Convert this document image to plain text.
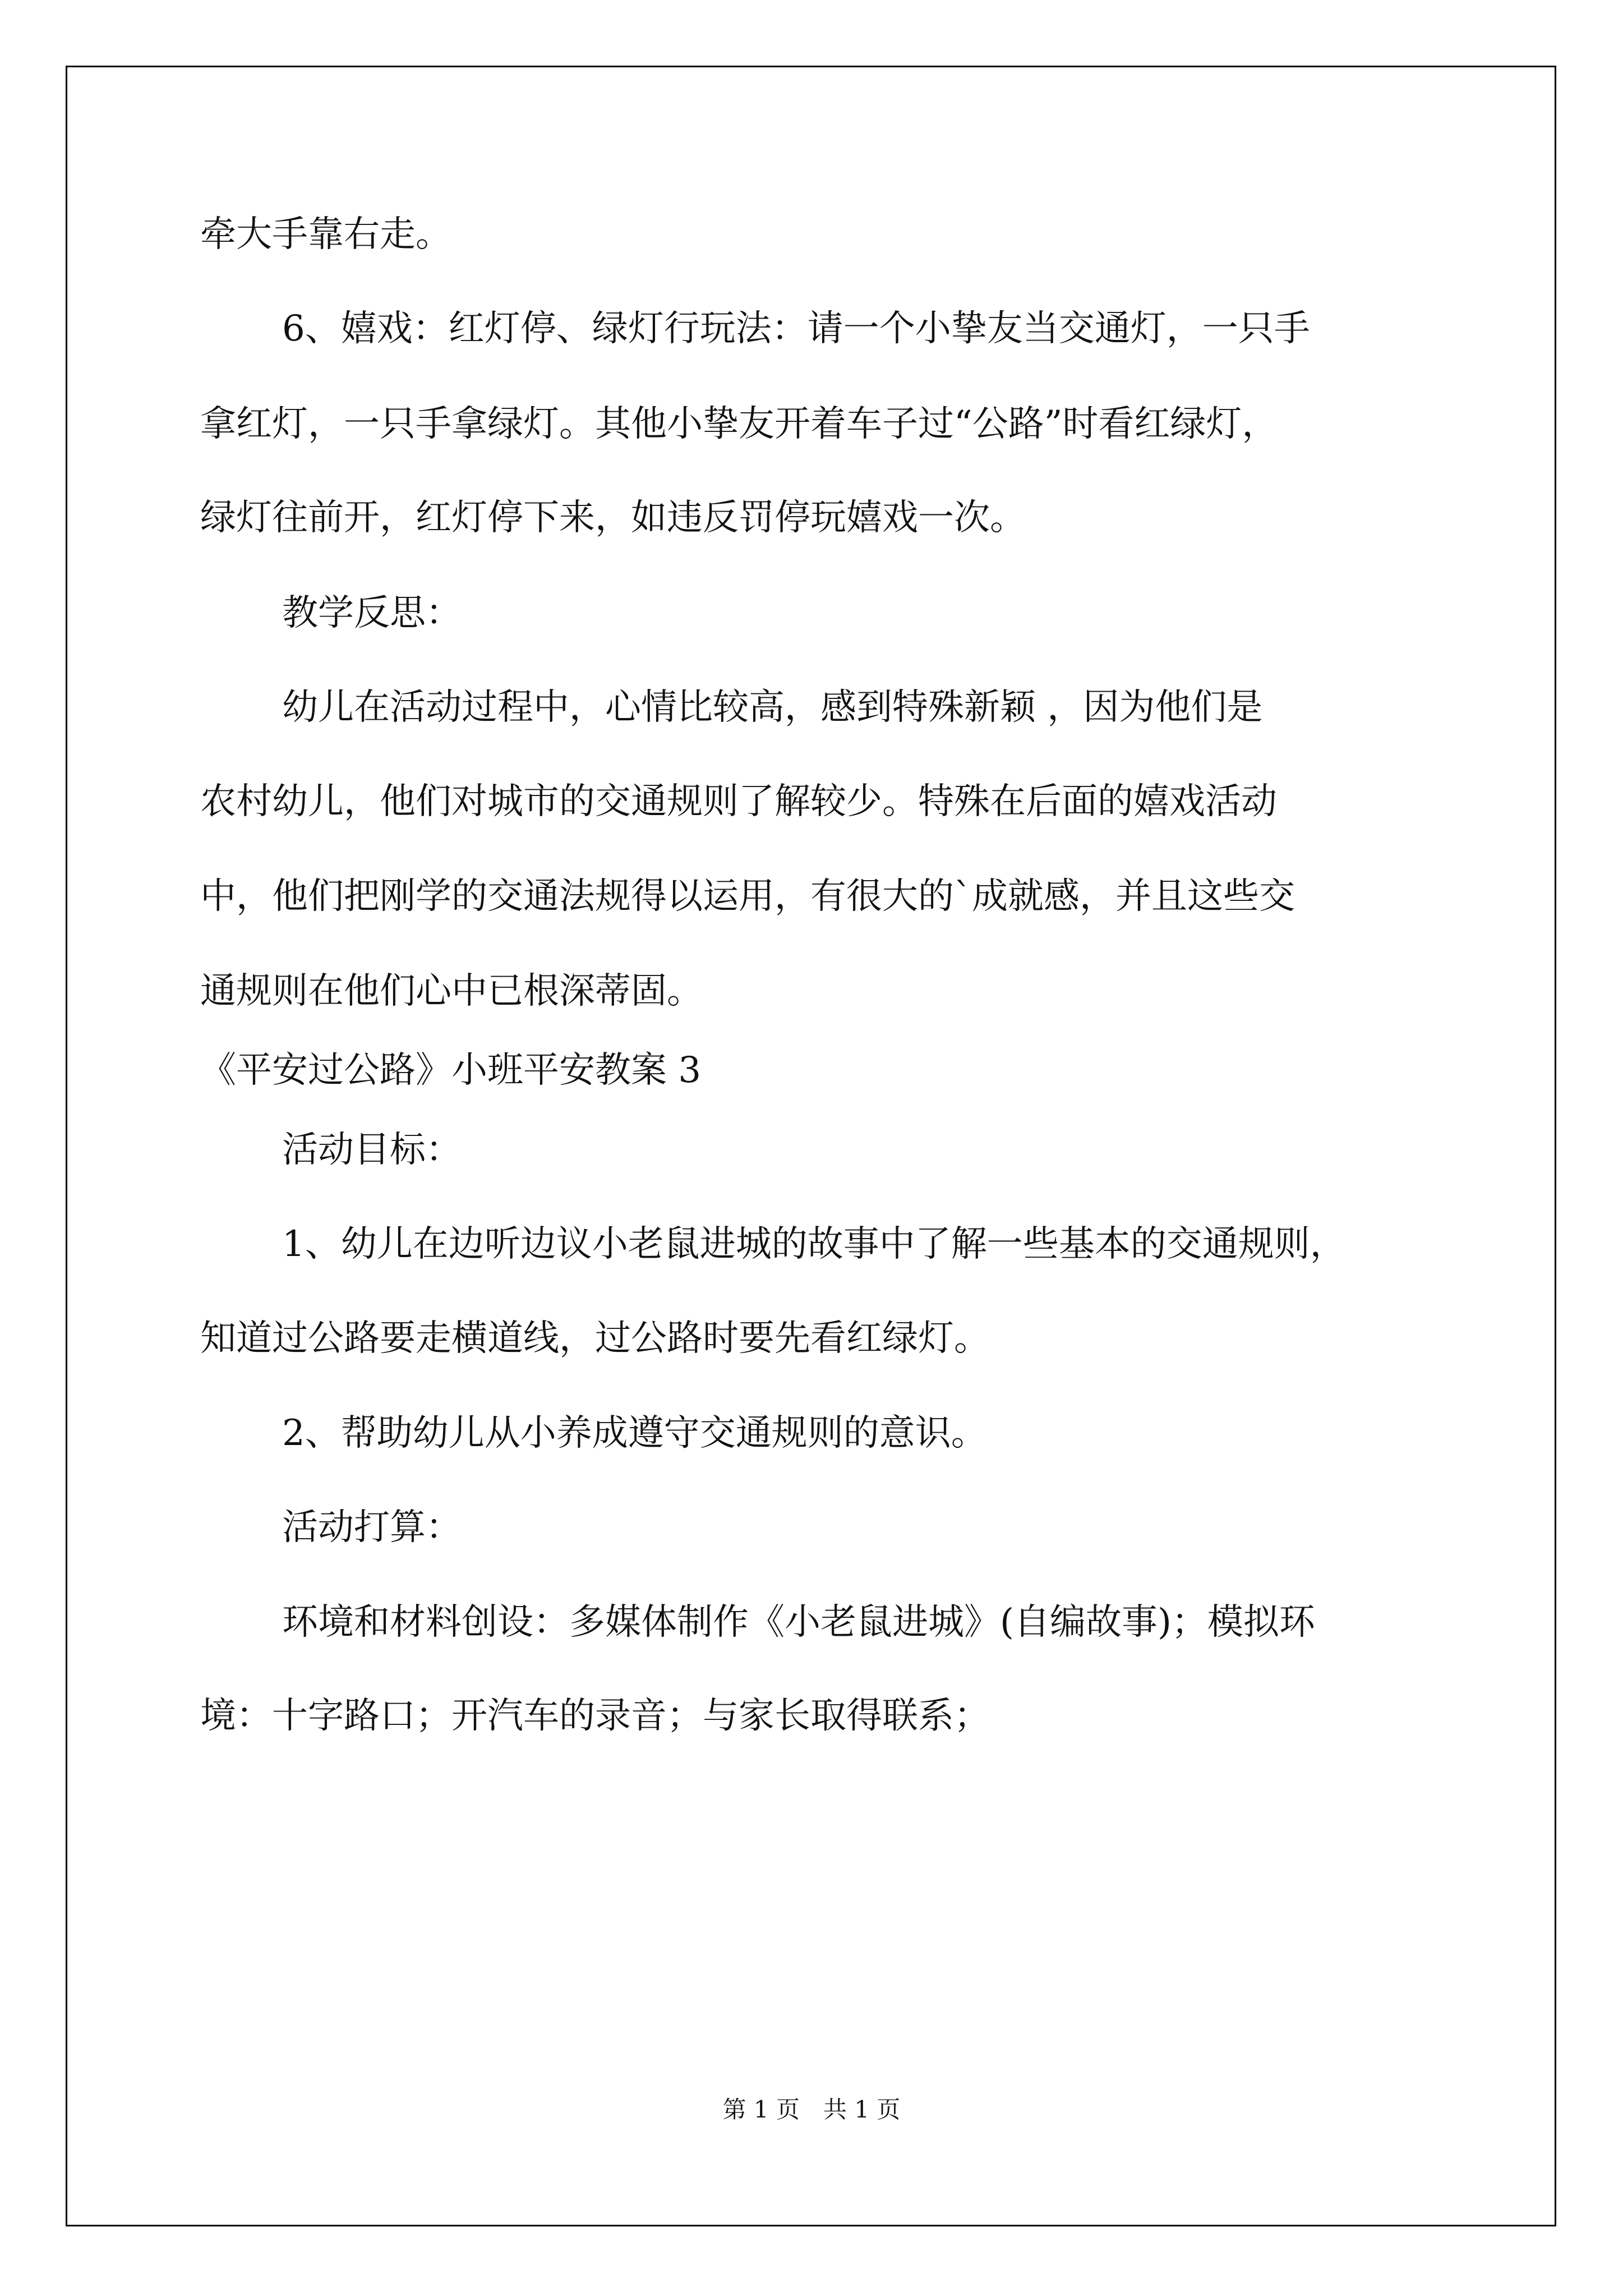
牵大手靠右走。
6、嬉戏：红灯停、绿灯行玩法：请一个小挚友当交通灯，一只手
拿红灯，一只手拿绿灯。其他小挚友开着车子过“公路”时看红绿灯，
绿灯往前开，红灯停下来，如违反罚停玩嬉戏一次。
教学反思：
幼儿在活动过程中，心情比较高，感到特殊新颖 ，因为他们是
农村幼儿，他们对城市的交通规则了解较少。特殊在后面的嬉戏活动
中，他们把刚学的交通法规得以运用，有很大的`成就感，并且这些交
通规则在他们心中已根深蒂固。
《平安过公路》小班平安教案 3
活动目标：
1、幼儿在边听边议小老鼠进城的故事中了解一些基本的交通规则，
知道过公路要走横道线，过公路时要先看红绿灯。
2、帮助幼儿从小养成遵守交通规则的意识。
活动打算：
环境和材料创设：多媒体制作《小老鼠进城》(自编故事)；模拟环
境：十字路口；开汽车的录音；与家长取得联系；
第 1 页　共 1 页
